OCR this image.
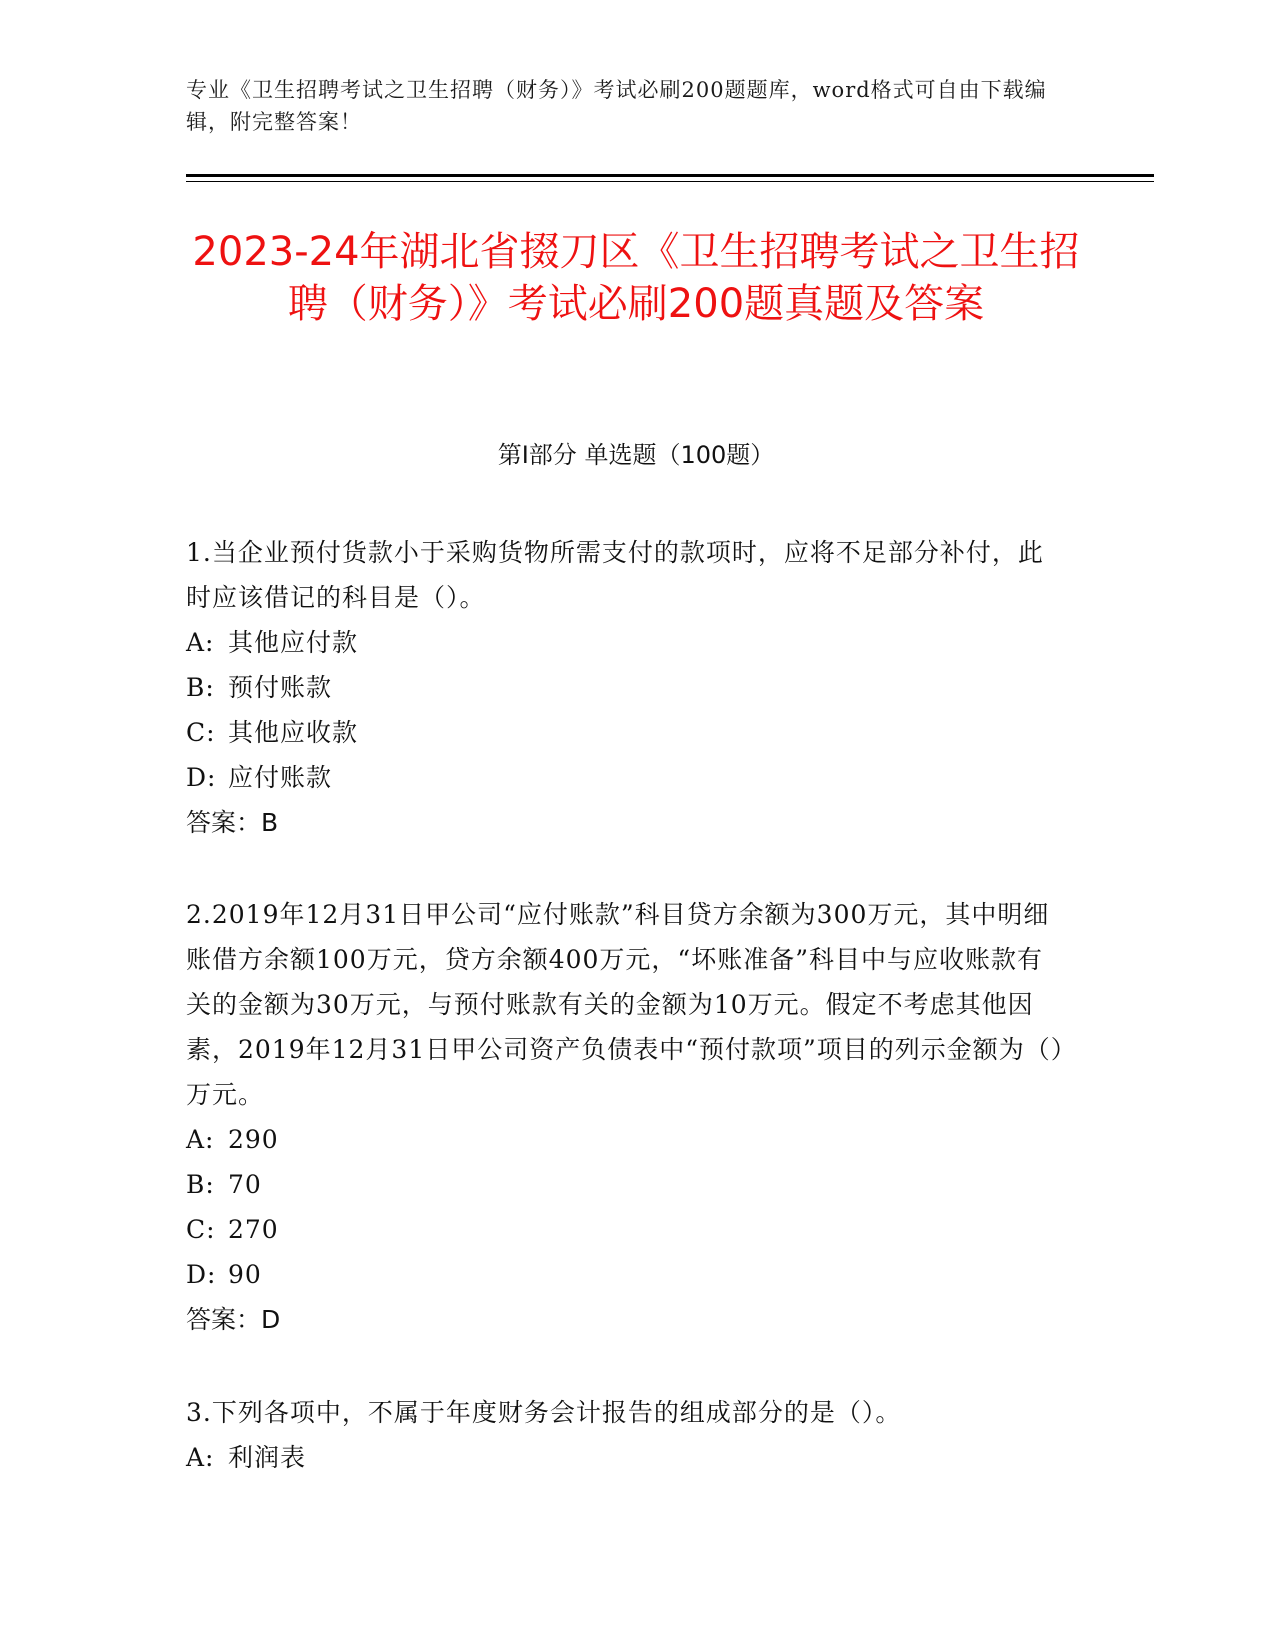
专业《卫生招聘考试之卫生招聘（财务）》考试必刷200题题库，word格式可自由下载编辑，附完整答案！
2023-24年湖北省掇刀区《卫生招聘考试之卫生招聘（财务）》考试必刷200题真题及答案
第I部分 单选题（100题）

1.当企业预付货款小于采购货物所需支付的款项时，应将不足部分补付，此时应该借记的科目是（）。

A: 其他应付款

B: 预付账款

C: 其他应收款

D: 应付账款

答案：B

2.2019年12月31日甲公司“应付账款”科目贷方余额为300万元，其中明细账借方余额100万元，贷方余额400万元，“坏账准备”科目中与应收账款有关的金额为30万元，与预付账款有关的金额为10万元。假定不考虑其他因素，2019年12月31日甲公司资产负债表中“预付款项”项目的列示金额为（）万元。

A: 290

B: 70

C: 270

D: 90

答案：D

3.下列各项中，不属于年度财务会计报告的组成部分的是（）。

A: 利润表
